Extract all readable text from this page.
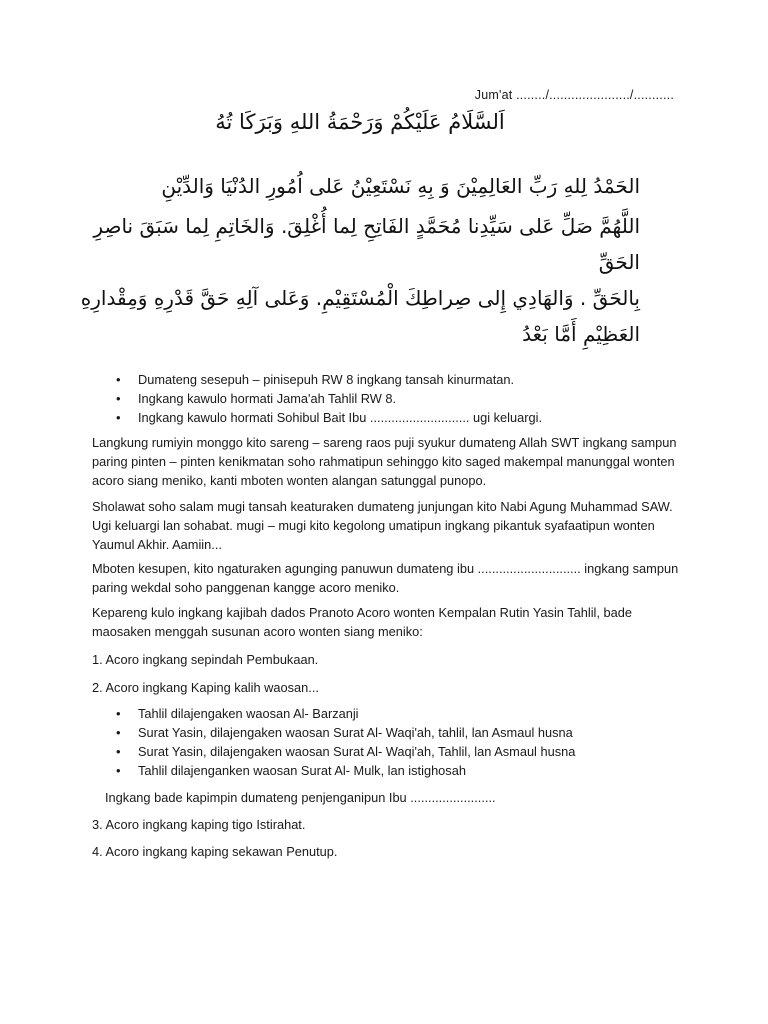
Jum'at ......../....................../...........
اَلسَّلَامُ عَلَيْكُمْ وَرَحْمَةُ اللهِ وَبَرَكَا تُهُ

الحَمْدُ لِلهِ رَبِّ العَالِمِيْنَ وَ بِهِ نَسْتَعِيْنُ عَلى اُمُورِ الدُنْيَا وَالدِّيْنِ

اللَّهُمَّ صَلِّ عَلى سَيِّدِنا مُحَمَّدٍ الفَاتِحِ لِما أُغْلِقَ. وَالخَاتِمِ لِما سَبَقَ ناصِرِ الحَقِّ

بِالحَقِّ . وَالهَادِي إِلى صِراطِكَ الْمُسْتَقِيْمِ. وَعَلى آلِهِ حَقَّ قَدْرِهِ وَمِقْدارِهِ

العَظِيْمِ أَمَّا بَعْدُ

• Dumateng sesepuh – pinisepuh RW 8 ingkang tansah kinurmatan.
• Ingkang kawulo hormati Jama'ah Tahlil RW 8.
• Ingkang kawulo hormati Sohibul Bait Ibu ............................ ugi keluargi.

Langkung rumiyin monggo kito sareng – sareng raos puji syukur dumateng Allah SWT ingkang sampun paring pinten – pinten kenikmatan soho rahmatipun sehinggo kito saged makempal manunggal wonten acoro siang meniko, kanti mboten wonten alangan satunggal punopo.

Sholawat soho salam mugi tansah keaturaken dumateng junjungan kito Nabi Agung Muhammad SAW. Ugi keluargi lan sohabat. mugi – mugi kito kegolong umatipun ingkang pikantuk syafaatipun wonten Yaumul Akhir. Aamiin...

Mboten kesupen, kito ngaturaken agunging panuwun dumateng ibu ............................. ingkang sampun paring wekdal soho panggenan kangge acoro meniko.

Kepareng kulo ingkang kajibah dados Pranoto Acoro wonten Kempalan Rutin Yasin Tahlil, bade maosaken menggah susunan acoro wonten siang meniko:

1. Acoro ingkang sepindah Pembukaan.

2. Acoro ingkang Kaping kalih waosan...

• Tahlil dilajengaken waosan Al- Barzanji
• Surat Yasin, dilajengaken waosan Surat Al- Waqi'ah, tahlil, lan Asmaul husna
• Surat Yasin, dilajengaken waosan Surat Al- Waqi'ah, Tahlil, lan Asmaul husna
• Tahlil dilajenganken waosan Surat Al- Mulk, lan istighosah

Ingkang bade kapimpin dumateng penjenganipun Ibu ........................

3. Acoro ingkang kaping tigo Istirahat.

4. Acoro ingkang kaping sekawan Penutup.
